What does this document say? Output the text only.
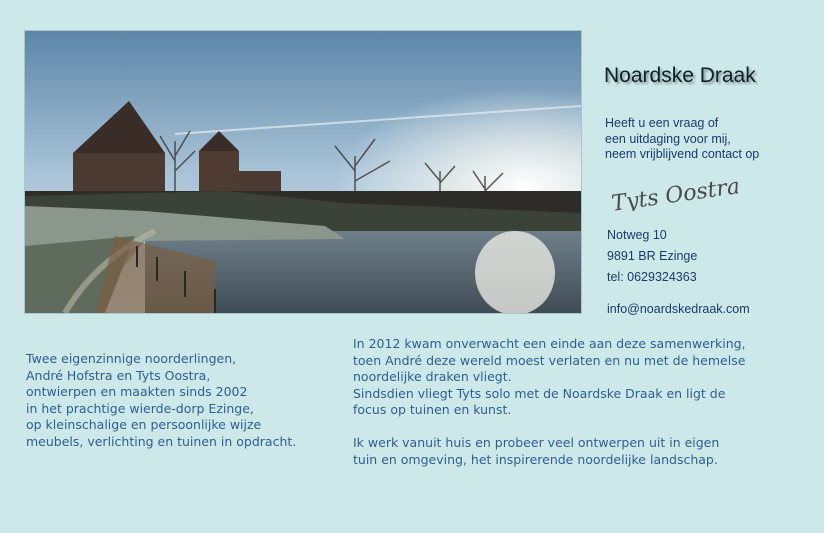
Noardske Draak
Heeft u een vraag of
een uitdaging voor mij,
neem vrijblijvend contact op
Tyts Oostra
Notweg 10
9891 BR Ezinge
tel: 0629324363
info@noardskedraak.com
Twee eigenzinnige noorderlingen,
André Hofstra en Tyts Oostra,
ontwierpen en maakten sinds 2002
in het prachtige wierde-dorp Ezinge,
op kleinschalige en persoonlijke wijze
meubels, verlichting en tuinen in opdracht.
In 2012 kwam onverwacht een einde aan deze samenwerking,
toen André deze wereld moest verlaten en nu met de hemelse
noordelijke draken vliegt.
Sindsdien vliegt Tyts solo met de Noardske Draak en ligt de
focus op tuinen en kunst.
Ik werk vanuit huis en probeer veel ontwerpen uit in eigen
tuin en omgeving, het inspirerende noordelijke landschap.
